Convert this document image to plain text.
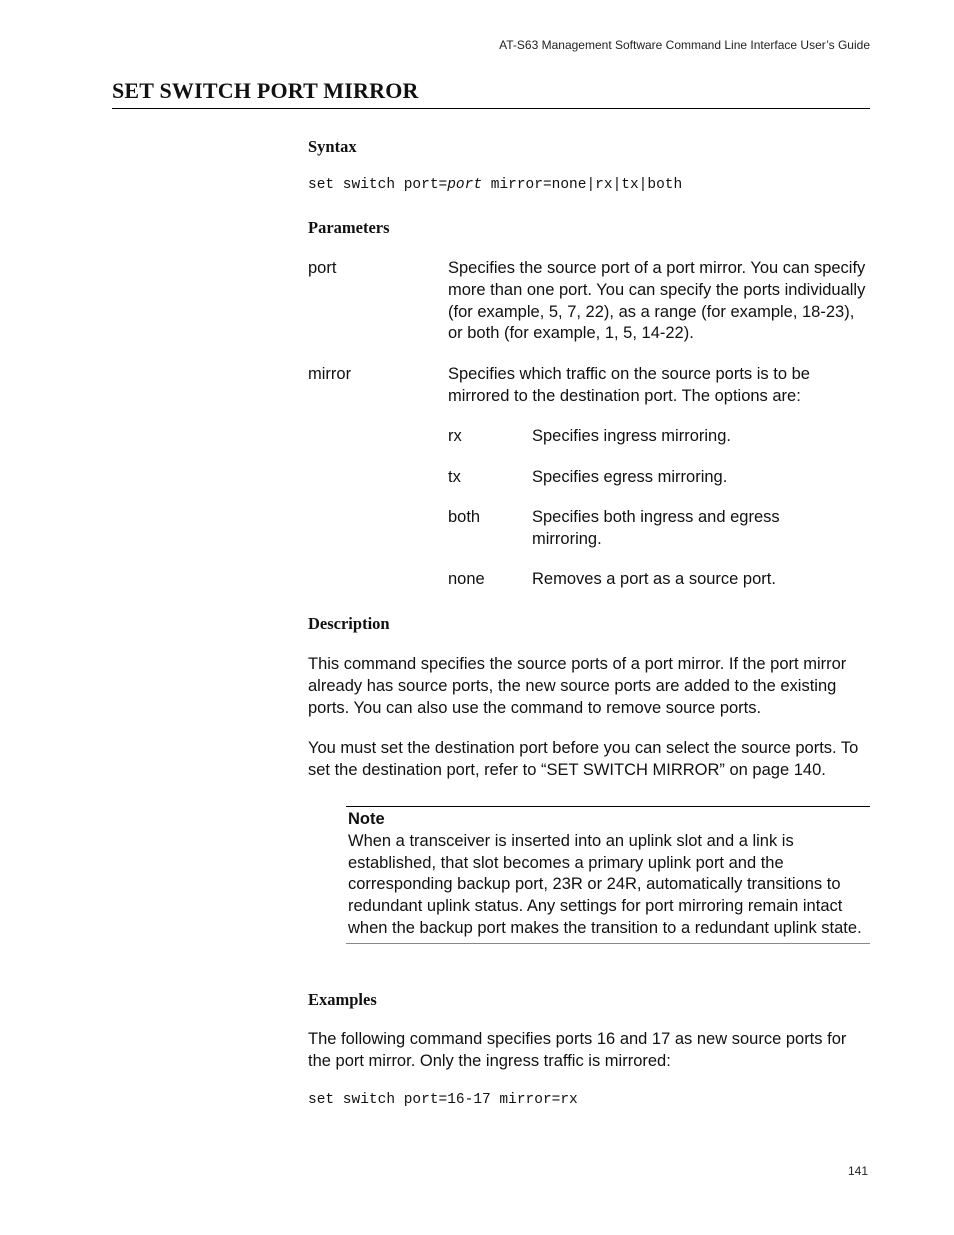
AT-S63 Management Software Command Line Interface User’s Guide
SET SWITCH PORT MIRROR
Syntax
set switch port=port mirror=none|rx|tx|both
Parameters
port	Specifies the source port of a port mirror. You can specify more than one port. You can specify the ports individually (for example, 5, 7, 22), as a range (for example, 18-23), or both (for example, 1, 5, 14-22).
mirror	Specifies which traffic on the source ports is to be mirrored to the destination port. The options are:
rx	Specifies ingress mirroring.
tx	Specifies egress mirroring.
both	Specifies both ingress and egress mirroring.
none	Removes a port as a source port.
Description
This command specifies the source ports of a port mirror. If the port mirror already has source ports, the new source ports are added to the existing ports. You can also use the command to remove source ports.
You must set the destination port before you can select the source ports. To set the destination port, refer to “SET SWITCH MIRROR” on page 140.
Note
When a transceiver is inserted into an uplink slot and a link is established, that slot becomes a primary uplink port and the corresponding backup port, 23R or 24R, automatically transitions to redundant uplink status. Any settings for port mirroring remain intact when the backup port makes the transition to a redundant uplink state.
Examples
The following command specifies ports 16 and 17 as new source ports for the port mirror. Only the ingress traffic is mirrored:
set switch port=16-17 mirror=rx
141
